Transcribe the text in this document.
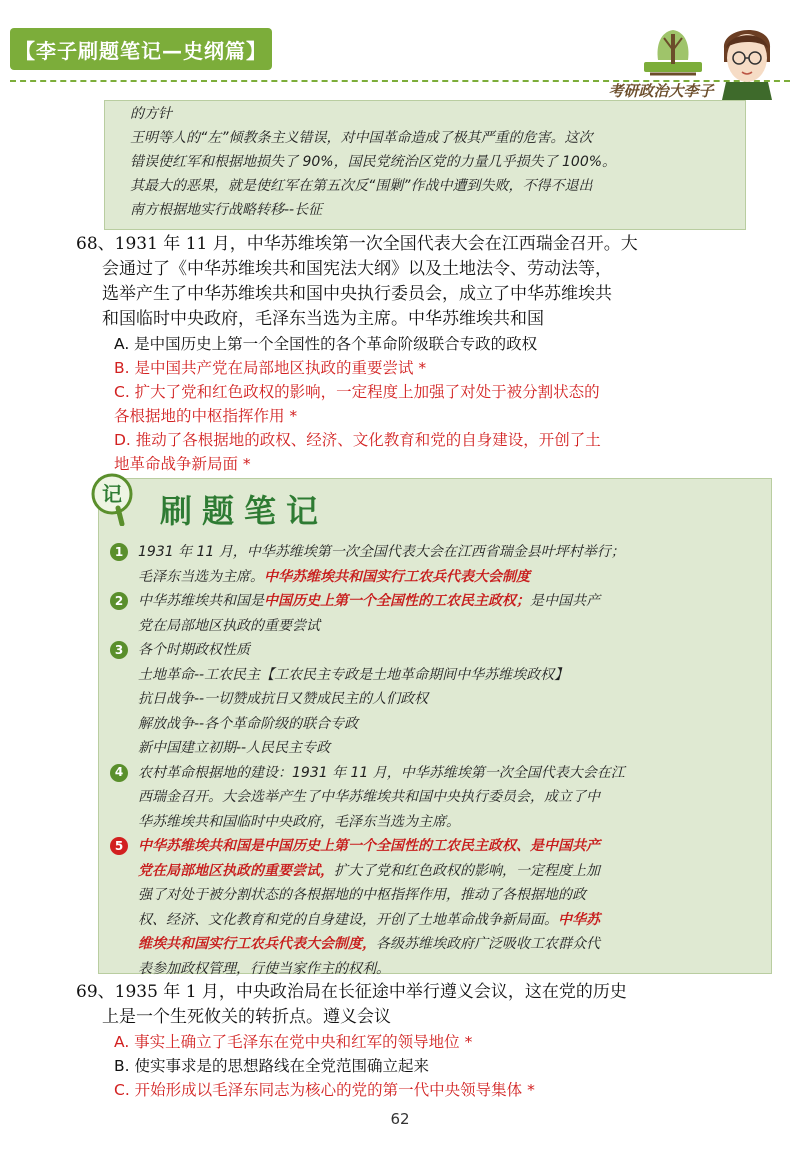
【李子刷题笔记—史纲篇】
考研政治大李子
的方针
王明等人的“左”倾教条主义错误，对中国革命造成了极其严重的危害。这次
错误使红军和根据地损失了 90%，国民党统治区党的力量几乎损失了 100%。
其最大的恶果，就是使红军在第五次反“围剿”作战中遭到失败，不得不退出
南方根据地实行战略转移--长征
68、1931 年 11 月，中华苏维埃第一次全国代表大会在江西瑞金召开。大
会通过了《中华苏维埃共和国宪法大纲》以及土地法令、劳动法等，
选举产生了中华苏维埃共和国中央执行委员会，成立了中华苏维埃共
和国临时中央政府，毛泽东当选为主席。中华苏维埃共和国
A. 是中国历史上第一个全国性的各个革命阶级联合专政的政权
B. 是中国共产党在局部地区执政的重要尝试 *
C. 扩大了党和红色政权的影响，一定程度上加强了对处于被分割状态的
各根据地的中枢指挥作用 *
D. 推动了各根据地的政权、经济、文化教育和党的自身建设，开创了土
地革命战争新局面 *
记 刷题笔记
1	1931 年 11 月，中华苏维埃第一次全国代表大会在江西省瑞金县叶坪村举行；
毛泽东当选为主席。中华苏维埃共和国实行工农兵代表大会制度
2	中华苏维埃共和国是中国历史上第一个全国性的工农民主政权；是中国共产
党在局部地区执政的重要尝试
3	各个时期政权性质
土地革命--工农民主【工农民主专政是土地革命期间中华苏维埃政权】
抗日战争--一切赞成抗日又赞成民主的人们政权
解放战争--各个革命阶级的联合专政
新中国建立初期--人民民主专政
4	农村革命根据地的建设：1931 年 11 月，中华苏维埃第一次全国代表大会在江
西瑞金召开。大会选举产生了中华苏维埃共和国中央执行委员会，成立了中
华苏维埃共和国临时中央政府，毛泽东当选为主席。
5	中华苏维埃共和国是中国历史上第一个全国性的工农民主政权、是中国共产
党在局部地区执政的重要尝试，扩大了党和红色政权的影响，一定程度上加
强了对处于被分割状态的各根据地的中枢指挥作用，推动了各根据地的政
权、经济、文化教育和党的自身建设，开创了土地革命战争新局面。中华苏
维埃共和国实行工农兵代表大会制度，各级苏维埃政府广泛吸收工农群众代
表参加政权管理，行使当家作主的权利。
69、1935 年 1 月，中央政治局在长征途中举行遵义会议，这在党的历史
上是一个生死攸关的转折点。遵义会议
A. 事实上确立了毛泽东在党中央和红军的领导地位 *
B. 使实事求是的思想路线在全党范围确立起来
C. 开始形成以毛泽东同志为核心的党的第一代中央领导集体 *
62
